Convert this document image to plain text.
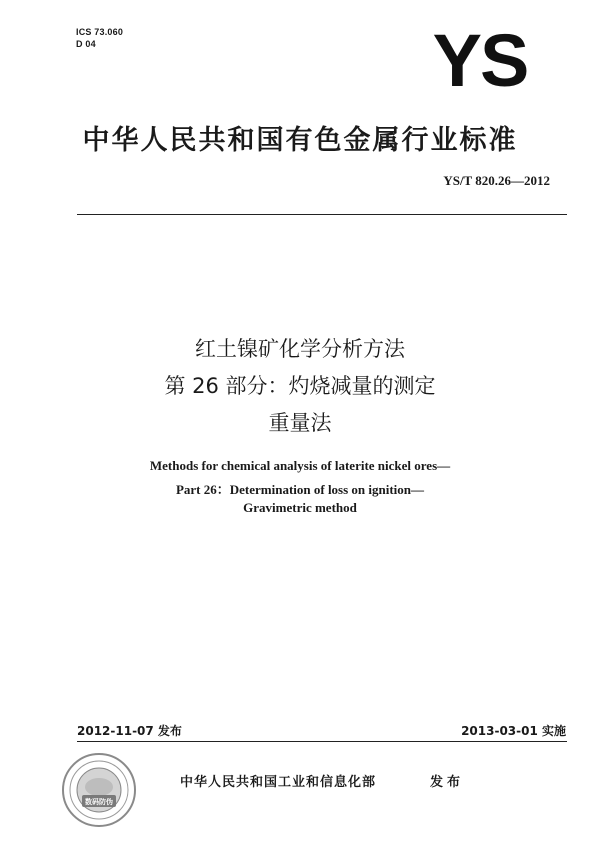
ICS 73.060
D 04	YS
中华人民共和国有色金属行业标准
YS/T 820.26—2012
红土镍矿化学分析方法
第 26 部分：灼烧减量的测定
重量法
Methods for chemical analysis of laterite nickel ores—
Part 26：Determination of loss on ignition—
Gravimetric method
2012-11-07 发布	2013-03-01 实施
数码防伪
中华人民共和国工业和信息化部	发布
